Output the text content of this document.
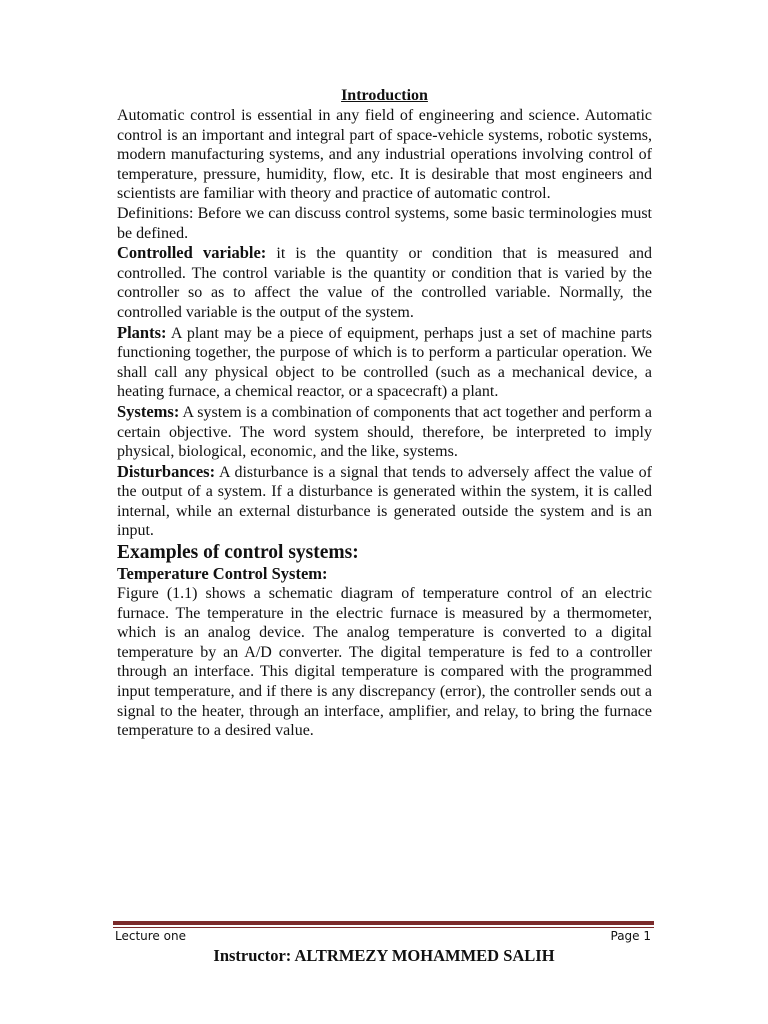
Introduction

Automatic control is essential in any field of engineering and science. Automatic control is an important and integral part of space-vehicle systems, robotic systems, modern manufacturing systems, and any industrial operations involving control of temperature, pressure, humidity, flow, etc. It is desirable that most engineers and scientists are familiar with theory and practice of automatic control.

Definitions: Before we can discuss control systems, some basic terminologies must be defined.

Controlled variable: it is the quantity or condition that is measured and controlled. The control variable is the quantity or condition that is varied by the controller so as to affect the value of the controlled variable. Normally, the controlled variable is the output of the system.

Plants: A plant may be a piece of equipment, perhaps just a set of machine parts functioning together, the purpose of which is to perform a particular operation. We shall call any physical object to be controlled (such as a mechanical device, a heating furnace, a chemical reactor, or a spacecraft) a plant.

Systems: A system is a combination of components that act together and perform a certain objective. The word system should, therefore, be interpreted to imply physical, biological, economic, and the like, systems.

Disturbances: A disturbance is a signal that tends to adversely affect the value of the output of a system. If a disturbance is generated within the system, it is called internal, while an external disturbance is generated outside the system and is an input.

Examples of control systems:
Temperature Control System:

Figure (1.1) shows a schematic diagram of temperature control of an electric furnace. The temperature in the electric furnace is measured by a thermometer, which is an analog device. The analog temperature is converted to a digital temperature by an A/D converter. The digital temperature is fed to a controller through an interface. This digital temperature is compared with the programmed input temperature, and if there is any discrepancy (error), the controller sends out a signal to the heater, through an interface, amplifier, and relay, to bring the furnace temperature to a desired value.

Lecture one	Page 1
Instructor: ALTRMEZY MOHAMMED SALIH
